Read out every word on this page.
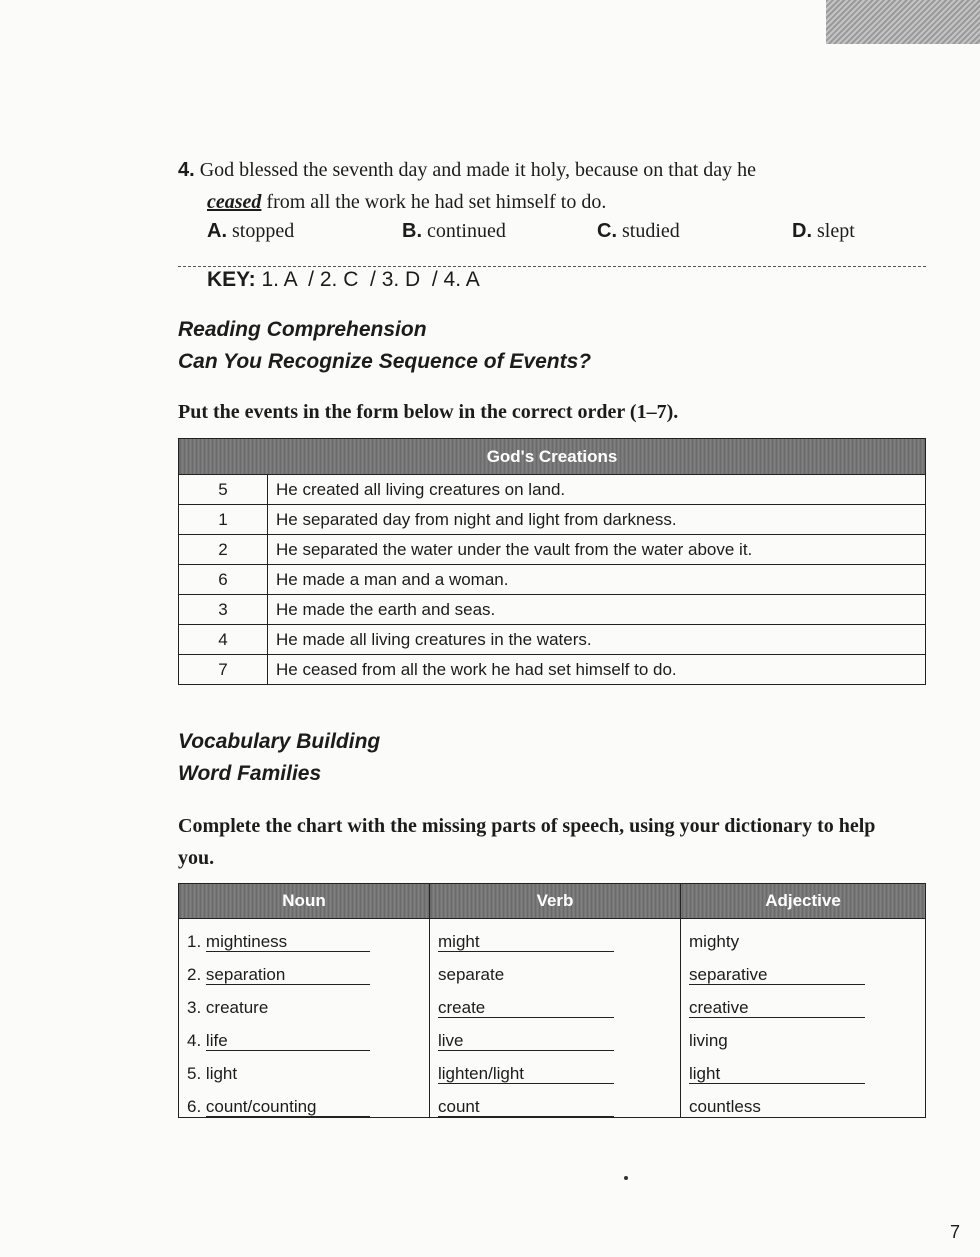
4. God blessed the seventh day and made it holy, because on that day he
ceased from all the work he had set himself to do.
A. stopped	B. continued	C. studied	D. slept
KEY: 1. A  / 2. C  / 3. D  / 4. A
Reading Comprehension
Can You Recognize Sequence of Events?
Put the events in the form below in the correct order (1–7).
God's Creations	
5	He created all living creatures on land.
1	He separated day from night and light from darkness.
2	He separated the water under the vault from the water above it.
6	He made a man and a woman.
3	He made the earth and seas.
4	He made all living creatures in the waters.
7	He ceased from all the work he had set himself to do.
Vocabulary Building
Word Families
Complete the chart with the missing parts of speech, using your dictionary to help you.
Noun	Verb	Adjective
1. mightiness	might	mighty
2. separation	separate	separative
3. creature	create	creative
4. life	live	living
5. light	lighten/light	light
6. count/counting	count	countless
7
